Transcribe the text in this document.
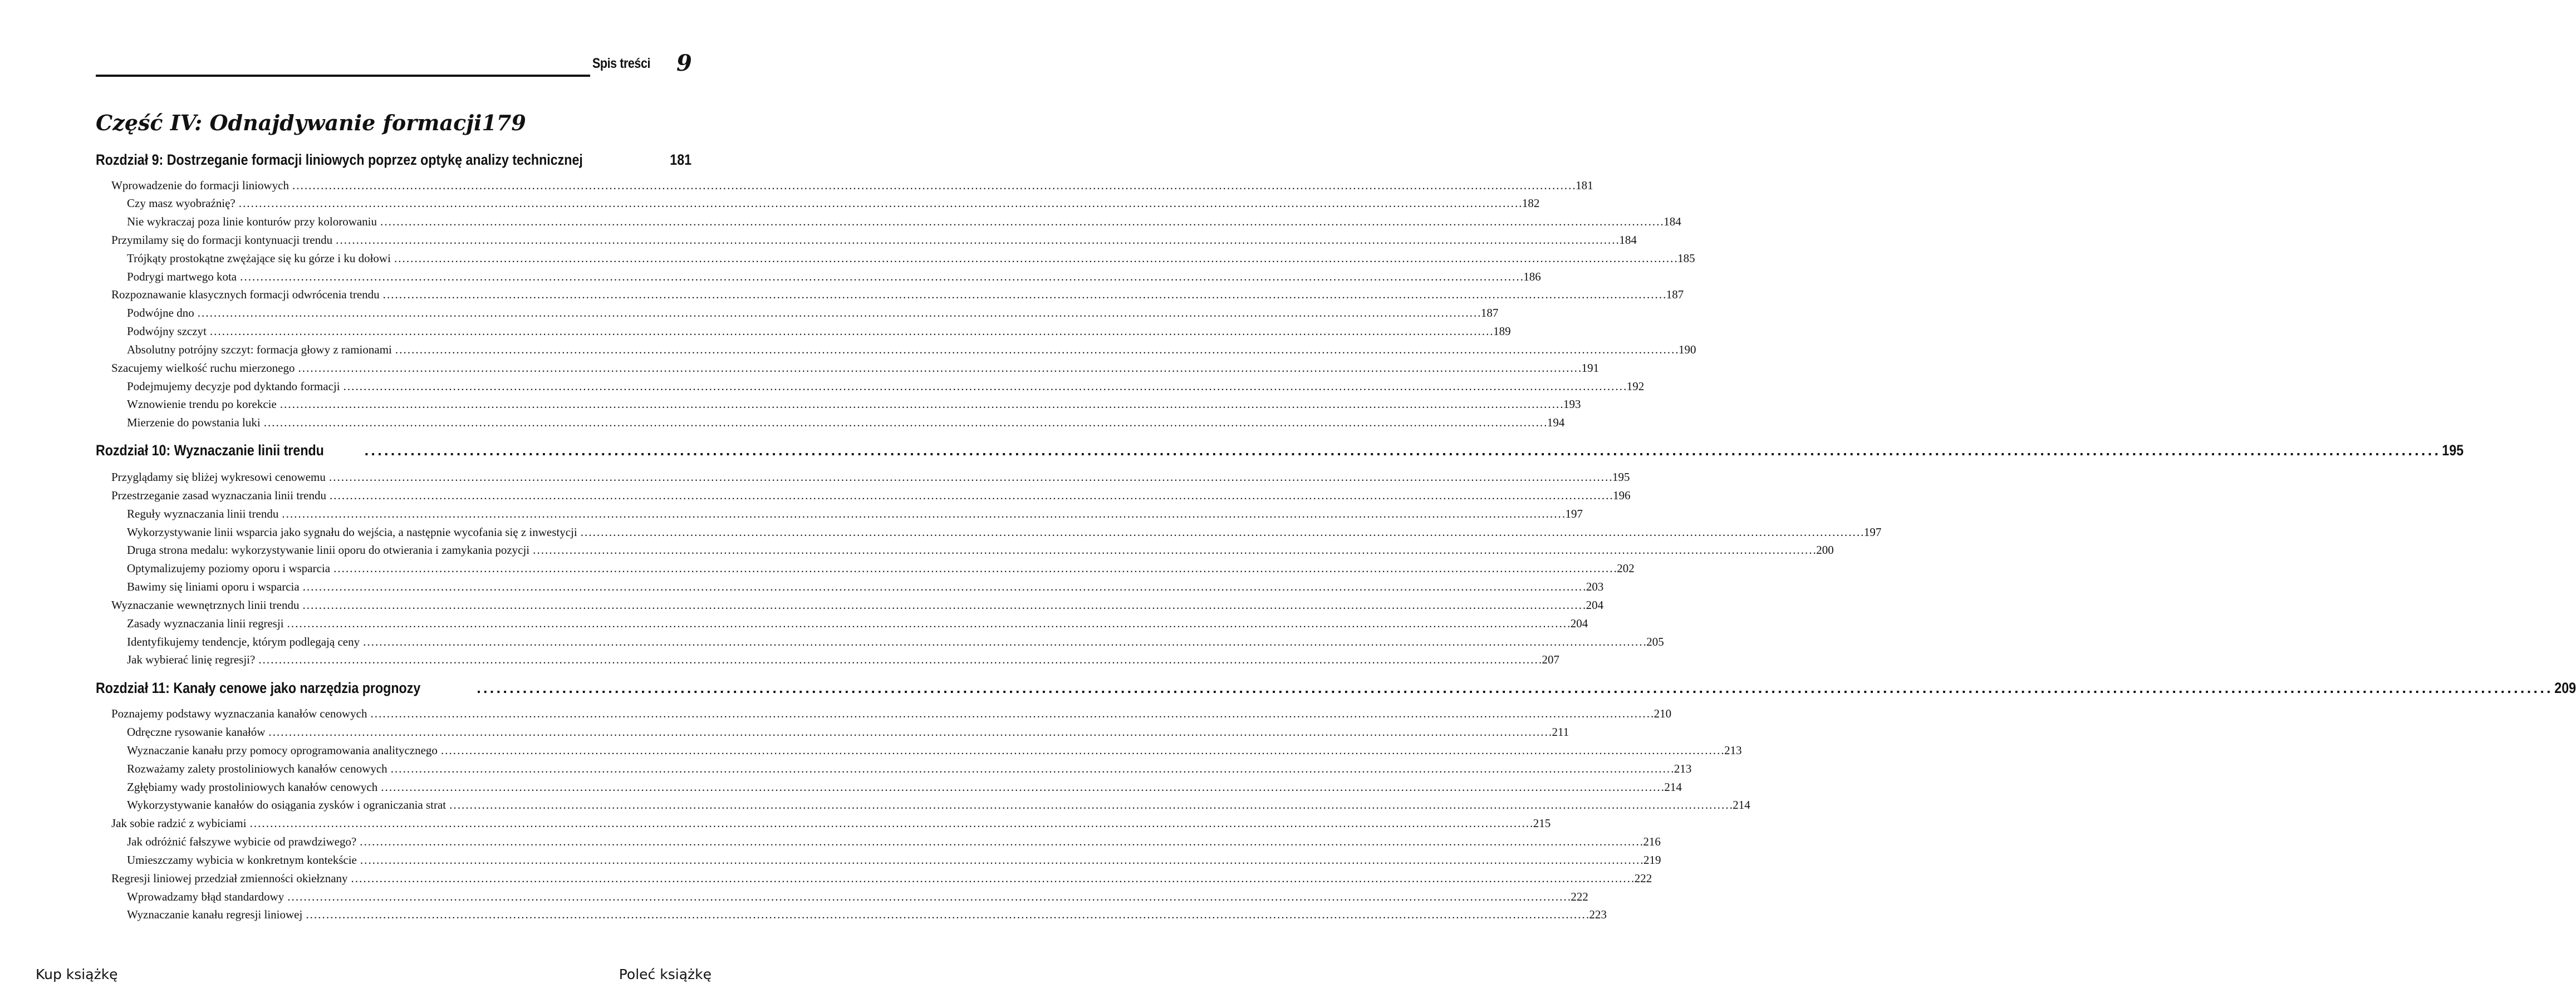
Spis treści 9
Część IV: Odnajdywanie formacji 179
Rozdział 9: Dostrzeganie formacji liniowych poprzez optykę analizy technicznej	181
Wprowadzenie do formacji liniowych . . .	181
Czy masz wyobraźnię? . . .	182
Nie wykraczaj poza linie konturów przy kolorowaniu . . .	184
Przymilamy się do formacji kontynuacji trendu . . .	184
Trójkąty prostokątne zwężające się ku górze i ku dołowi . . .	185
Podrygi martwego kota . . .	186
Rozpoznawanie klasycznych formacji odwrócenia trendu . . .	187
Podwójne dno . . .	187
Podwójny szczyt . . .	189
Absolutny potrójny szczyt: formacja głowy z ramionami . . .	190
Szacujemy wielkość ruchu mierzonego . . .	191
Podejmujemy decyzje pod dyktando formacji . . .	192
Wznowienie trendu po korekcie . . .	193
Mierzenie do powstania luki . . .	194
Rozdział 10: Wyznaczanie linii trendu . . .	195
Przyglądamy się bliżej wykresowi cenowemu . . .	195
Przestrzeganie zasad wyznaczania linii trendu . . .	196
Reguły wyznaczania linii trendu . . .	197
Wykorzystywanie linii wsparcia jako sygnału do wejścia, a następnie wycofania się z inwestycji . . .	197
Druga strona medalu: wykorzystywanie linii oporu do otwierania i zamykania pozycji . . .	200
Optymalizujemy poziomy oporu i wsparcia . . .	202
Bawimy się liniami oporu i wsparcia . . .	203
Wyznaczanie wewnętrznych linii trendu . . .	204
Zasady wyznaczania linii regresji . . .	204
Identyfikujemy tendencje, którym podlegają ceny . . .	205
Jak wybierać linię regresji? . . .	207
Rozdział 11: Kanały cenowe jako narzędzia prognozy . . .	209
Poznajemy podstawy wyznaczania kanałów cenowych . . .	210
Odręczne rysowanie kanałów . . .	211
Wyznaczanie kanału przy pomocy oprogramowania analitycznego . . .	213
Rozważamy zalety prostoliniowych kanałów cenowych . . .	213
Zgłębiamy wady prostoliniowych kanałów cenowych . . .	214
Wykorzystywanie kanałów do osiągania zysków i ograniczania strat . . .	214
Jak sobie radzić z wybiciami . . .	215
Jak odróżnić fałszywe wybicie od prawdziwego? . . .	216
Umieszczamy wybicia w konkretnym kontekście . . .	219
Regresji liniowej przedział zmienności okiełznany . . .	222
Wprowadzamy błąd standardowy . . .	222
Wyznaczanie kanału regresji liniowej . . .	223
Kup książkę	Poleć książkę
